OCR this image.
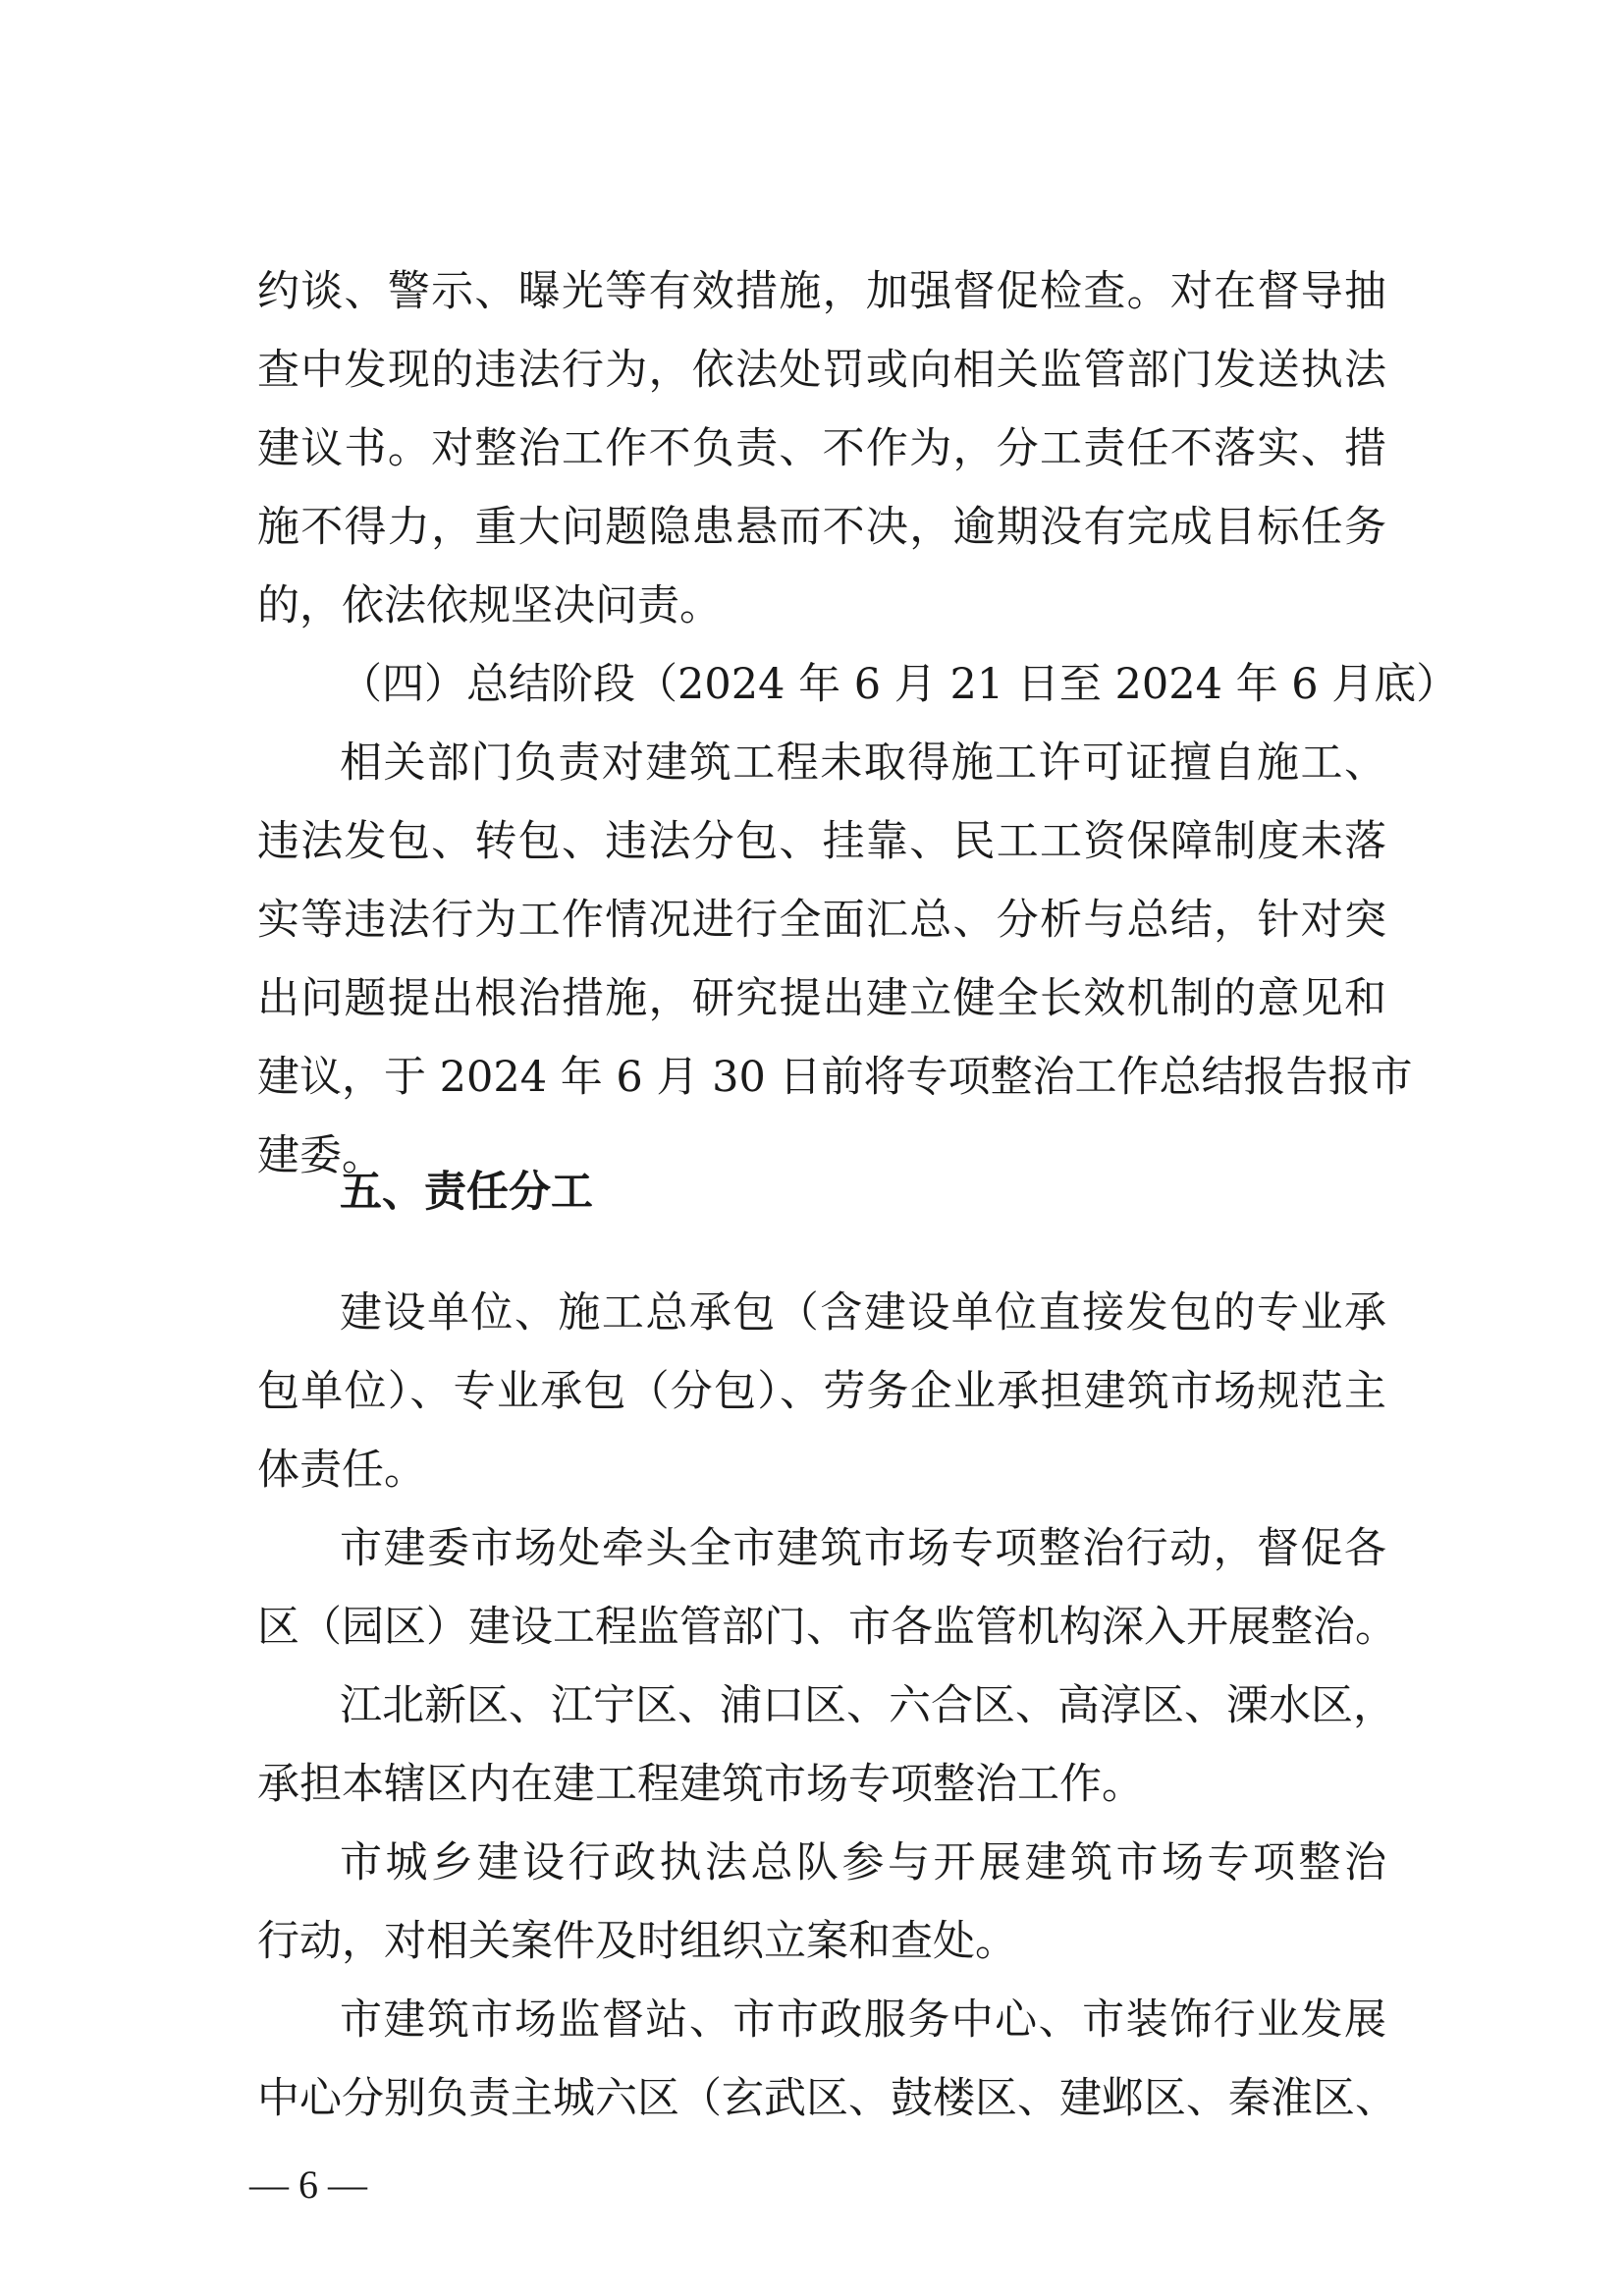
约谈、警示、曝光等有效措施，加强督促检查。对在督导抽

查中发现的违法行为，依法处罚或向相关监管部门发送执法

建议书。对整治工作不负责、不作为，分工责任不落实、措

施不得力，重大问题隐患悬而不决，逾期没有完成目标任务

的，依法依规坚决问责。

（四）总结阶段（2024 年 6 月 21 日至 2024 年 6 月底）

相关部门负责对建筑工程未取得施工许可证擅自施工、

违法发包、转包、违法分包、挂靠、民工工资保障制度未落

实等违法行为工作情况进行全面汇总、分析与总结，针对突

出问题提出根治措施，研究提出建立健全长效机制的意见和

建议，于 2024 年 6 月 30 日前将专项整治工作总结报告报市

建委。

五、责任分工

建设单位、施工总承包（含建设单位直接发包的专业承

包单位）、专业承包（分包）、劳务企业承担建筑市场规范主

体责任。

市建委市场处牵头全市建筑市场专项整治行动，督促各

区（园区）建设工程监管部门、市各监管机构深入开展整治。

江北新区、江宁区、浦口区、六合区、高淳区、溧水区，

承担本辖区内在建工程建筑市场专项整治工作。

市城乡建设行政执法总队参与开展建筑市场专项整治

行动，对相关案件及时组织立案和查处。

市建筑市场监督站、市市政服务中心、市装饰行业发展

中心分别负责主城六区（玄武区、鼓楼区、建邺区、秦淮区、

— 6 —
